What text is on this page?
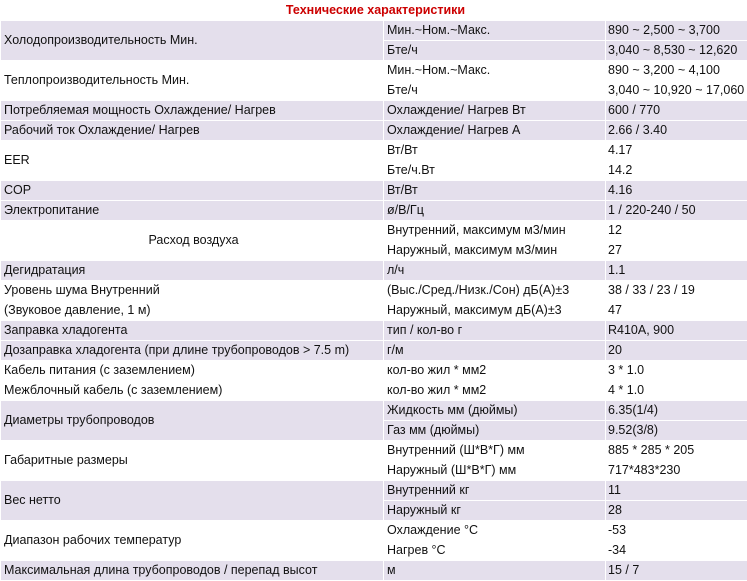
Технические характеристики		
Холодопроизводительность Мин.	Мин.~Ном.~Макс.	890 ~ 2,500 ~ 3,700
	Бте/ч	3,040 ~ 8,530 ~ 12,620
Теплопроизводительность Мин.	Мин.~Ном.~Макс.	890 ~ 3,200 ~ 4,100
	Бте/ч	3,040 ~ 10,920 ~ 17,060
Потребляемая мощность Охлаждение/ Нагрев	Охлаждение/ Нагрев Вт	600 / 770
Рабочий ток Охлаждение/ Нагрев	Охлаждение/ Нагрев А	2.66 / 3.40
EER	Вт/Вт	4.17
	Бте/ч.Вт	14.2
COP	Вт/Вт	4.16
Электропитание	ø/В/Гц	1 / 220-240 / 50
Расход воздуха	Внутренний, максимум м3/мин	12
	Наружный, максимум м3/мин	27
Дегидратация	л/ч	1.1
Уровень шума Внутренний	(Выс./Сред./Низк./Сон) дБ(А)±3	38 / 33 / 23 / 19
(Звуковое давление, 1 м)	Наружный, максимум дБ(А)±3	47
Заправка хладогента	тип / кол-во г	R410A, 900
Дозаправка хладогента (при длине трубопроводов > 7.5 m)	г/м	20
Кабель питания (с заземлением)	кол-во жил * мм2	3 * 1.0
Межблочный кабель (с заземлением)	кол-во жил * мм2	4 * 1.0
Диаметры трубопроводов	Жидкость мм (дюймы)	6.35(1/4)
	Газ мм (дюймы)	9.52(3/8)
Габаритные размеры	Внутренний (Ш*В*Г) мм	885 * 285 * 205
	Наружный (Ш*В*Г) мм	717*483*230
Вес нетто	Внутренний кг	11
	Наружный кг	28
Диапазон рабочих температур	Охлаждение °C	-53
	Нагрев °C	-34
Максимальная длина трубопроводов / перепад высот	м	15 / 7
